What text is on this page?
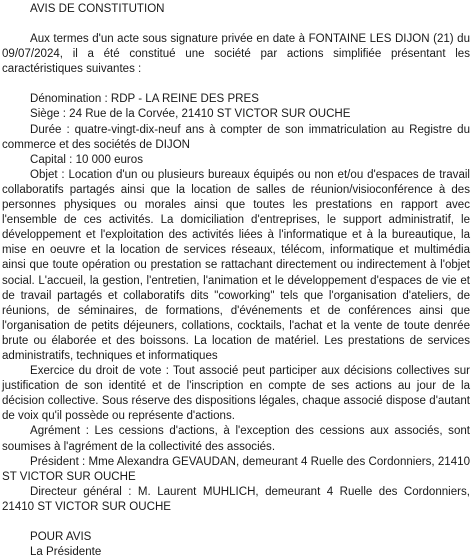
AVIS DE CONSTITUTION

Aux termes d'un acte sous signature privée en date à FONTAINE LES DIJON (21) du 09/07/2024, il a été constitué une société par actions simplifiée présentant les caractéristiques suivantes :

Dénomination : RDP - LA REINE DES PRES

Siège : 24 Rue de la Corvée, 21410 ST VICTOR SUR OUCHE

Durée : quatre-vingt-dix-neuf ans à compter de son immatriculation au Registre du commerce et des sociétés de DIJON

Capital : 10 000 euros

Objet : Location d'un ou plusieurs bureaux équipés ou non et/ou d'espaces de travail collaboratifs partagés ainsi que la location de salles de réunion/visioconférence à des personnes physiques ou morales ainsi que toutes les prestations en rapport avec l'ensemble de ces activités. La domiciliation d'entreprises, le support administratif, le développement et l'exploitation des activités liées à l'informatique et à la bureautique, la mise en oeuvre et la location de services réseaux, télécom, informatique et multimédia ainsi que toute opération ou prestation se rattachant directement ou indirectement à l'objet social. L'accueil, la gestion, l'entretien, l'animation et le développement d'espaces de vie et de travail partagés et collaboratifs dits "coworking" tels que l'organisation d'ateliers, de réunions, de séminaires, de formations, d'événements et de conférences ainsi que l'organisation de petits déjeuners, collations, cocktails, l'achat et la vente de toute denrée brute ou élaborée et des boissons. La location de matériel. Les prestations de services administratifs, techniques et informatiques

Exercice du droit de vote : Tout associé peut participer aux décisions collectives sur justification de son identité et de l'inscription en compte de ses actions au jour de la décision collective. Sous réserve des dispositions légales, chaque associé dispose d'autant de voix qu'il possède ou représente d'actions.

Agrément : Les cessions d'actions, à l'exception des cessions aux associés, sont soumises à l'agrément de la collectivité des associés.

Président : Mme Alexandra GEVAUDAN, demeurant 4 Ruelle des Cordonniers, 21410 ST VICTOR SUR OUCHE

Directeur général : M. Laurent MUHLICH, demeurant 4 Ruelle des Cordonniers, 21410 ST VICTOR SUR OUCHE

POUR AVIS

La Présidente
